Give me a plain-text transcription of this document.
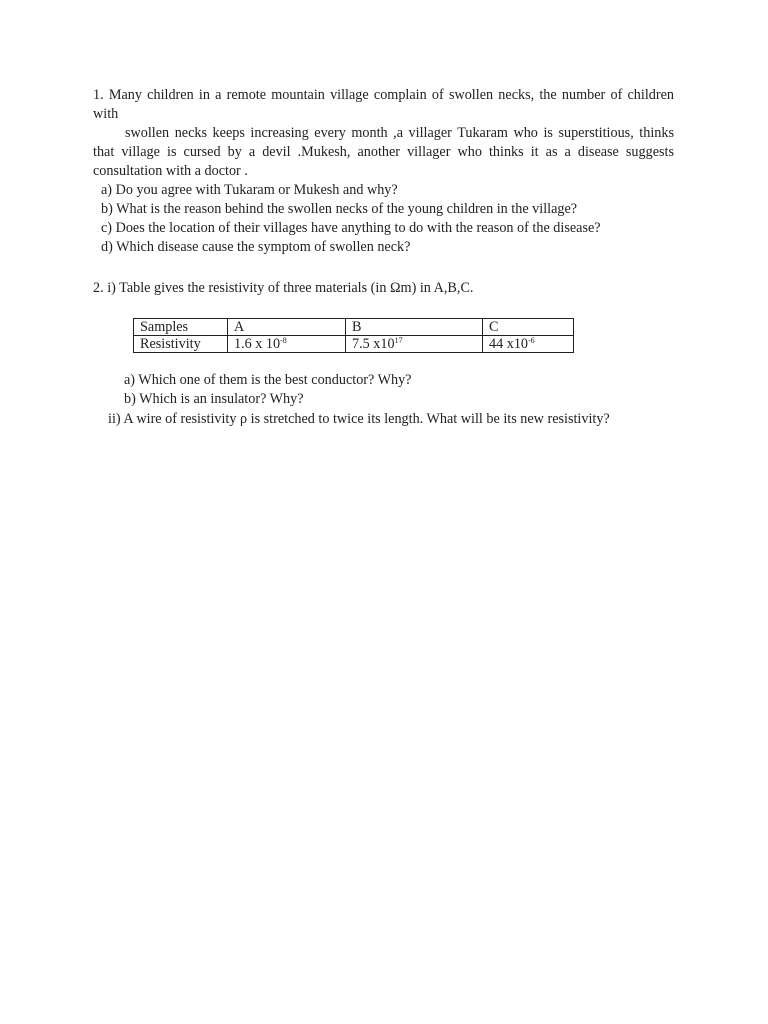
1. Many children in a remote mountain village complain of swollen necks, the number of children with
swollen necks keeps increasing every month ,a villager Tukaram who is superstitious, thinks that village is cursed by a devil .Mukesh, another villager who thinks it as a disease suggests consultation with a doctor .
a) Do you agree with Tukaram or Mukesh and why?
b) What is the reason behind the swollen necks of the young children in the village?
c) Does the location of their villages have anything to do with the reason of the disease?
d) Which disease cause the symptom of swollen neck?
2. i) Table gives the resistivity of three materials (in Ωm) in A,B,C.
Samples	A	B	C
Resistivity	1.6 x $10^{-8}$	7.5 $x10^{17}$	44 $x10^{-6}$
a) Which one of them is the best conductor? Why?
b) Which is an insulator? Why?
ii) A wire of resistivity ρ is stretched to twice its length. What will be its new resistivity?
